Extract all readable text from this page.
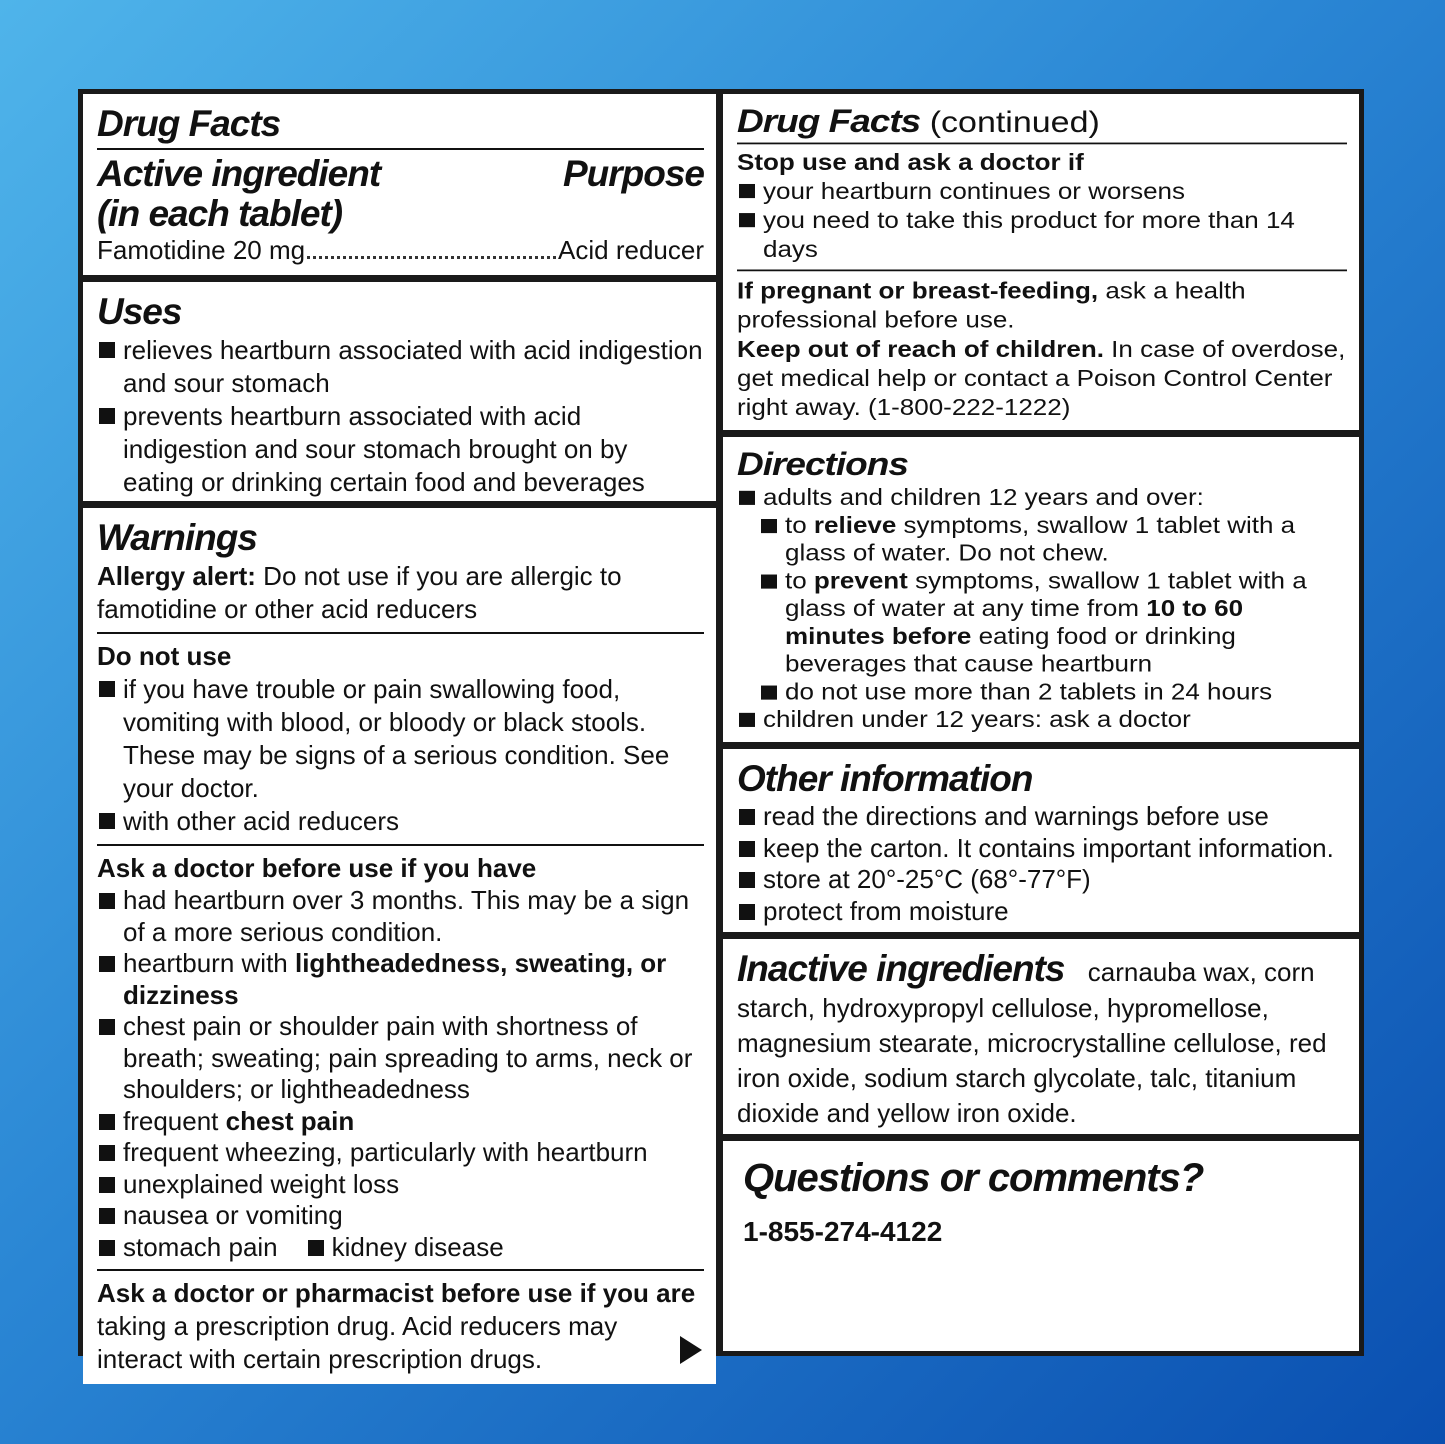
Drug Facts
Active ingredient
(in each tablet)
Purpose
Famotidine 20 mg	Acid reducer
Uses
relieves heartburn associated with acid indigestion and sour stomach
prevents heartburn associated with acid indigestion and sour stomach brought on by eating or drinking certain food and beverages
Warnings
Allergy alert: Do not use if you are allergic to famotidine or other acid reducers
Do not use
if you have trouble or pain swallowing food, vomiting with blood, or bloody or black stools. These may be signs of a serious condition. See your doctor.
with other acid reducers
Ask a doctor before use if you have
had heartburn over 3 months. This may be a sign of a more serious condition.
heartburn with lightheadedness, sweating, or dizziness
chest pain or shoulder pain with shortness of breath; sweating; pain spreading to arms, neck or shoulders; or lightheadedness
frequent chest pain
frequent wheezing, particularly with heartburn
unexplained weight loss
nausea or vomiting
stomach pain kidney disease
Ask a doctor or pharmacist before use if you are
taking a prescription drug. Acid reducers may interact with certain prescription drugs.
Drug Facts (continued)
Stop use and ask a doctor if
your heartburn continues or worsens
you need to take this product for more than 14 days
If pregnant or breast-feeding, ask a health professional before use.
Keep out of reach of children. In case of overdose, get medical help or contact a Poison Control Center right away. (1-800-222-1222)
Directions
adults and children 12 years and over:
to relieve symptoms, swallow 1 tablet with a glass of water. Do not chew.
to prevent symptoms, swallow 1 tablet with a glass of water at any time from 10 to 60 minutes before eating food or drinking beverages that cause heartburn
do not use more than 2 tablets in 24 hours
children under 12 years: ask a doctor
Other information
read the directions and warnings before use
keep the carton. It contains important information.
store at 20°-25°C (68°-77°F)
protect from moisture
Inactive ingredients carnauba wax, corn starch, hydroxypropyl cellulose, hypromellose, magnesium stearate, microcrystalline cellulose, red iron oxide, sodium starch glycolate, talc, titanium dioxide and yellow iron oxide.
Questions or comments?
1-855-274-4122
